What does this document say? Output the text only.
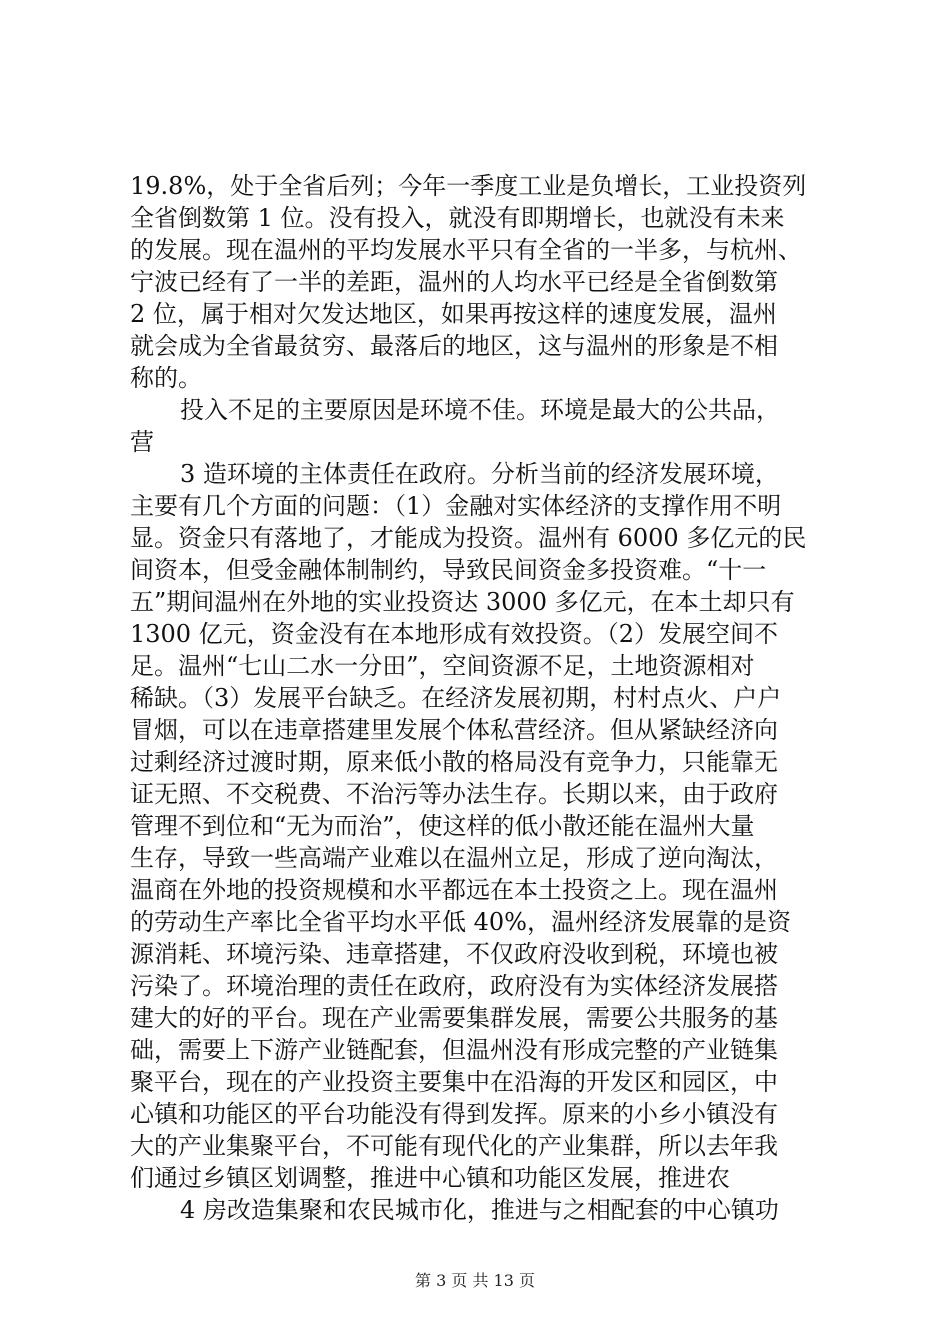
19.8%，处于全省后列；今年一季度工业是负增长，工业投资列
全省倒数第 1 位。没有投入，就没有即期增长，也就没有未来
的发展。现在温州的平均发展水平只有全省的一半多，与杭州、
宁波已经有了一半的差距，温州的人均水平已经是全省倒数第
2 位，属于相对欠发达地区，如果再按这样的速度发展，温州
就会成为全省最贫穷、最落后的地区，这与温州的形象是不相
称的。
投入不足的主要原因是环境不佳。环境是最大的公共品，
营
3 造环境的主体责任在政府。分析当前的经济发展环境，
主要有几个方面的问题：（1）金融对实体经济的支撑作用不明
显。资金只有落地了，才能成为投资。温州有 6000 多亿元的民
间资本，但受金融体制制约，导致民间资金多投资难。“十一
五”期间温州在外地的实业投资达 3000 多亿元，在本土却只有
1300 亿元，资金没有在本地形成有效投资。（2）发展空间不
足。温州“七山二水一分田”，空间资源不足，土地资源相对
稀缺。（3）发展平台缺乏。在经济发展初期，村村点火、户户
冒烟，可以在违章搭建里发展个体私营经济。但从紧缺经济向
过剩经济过渡时期，原来低小散的格局没有竞争力，只能靠无
证无照、不交税费、不治污等办法生存。长期以来，由于政府
管理不到位和“无为而治”，使这样的低小散还能在温州大量
生存，导致一些高端产业难以在温州立足，形成了逆向淘汰，
温商在外地的投资规模和水平都远在本土投资之上。现在温州
的劳动生产率比全省平均水平低 40%，温州经济发展靠的是资
源消耗、环境污染、违章搭建，不仅政府没收到税，环境也被
污染了。环境治理的责任在政府，政府没有为实体经济发展搭
建大的好的平台。现在产业需要集群发展，需要公共服务的基
础，需要上下游产业链配套，但温州没有形成完整的产业链集
聚平台，现在的产业投资主要集中在沿海的开发区和园区，中
心镇和功能区的平台功能没有得到发挥。原来的小乡小镇没有
大的产业集聚平台，不可能有现代化的产业集群，所以去年我
们通过乡镇区划调整，推进中心镇和功能区发展，推进农
4 房改造集聚和农民城市化，推进与之相配套的中心镇功
第 3 页 共 13 页
